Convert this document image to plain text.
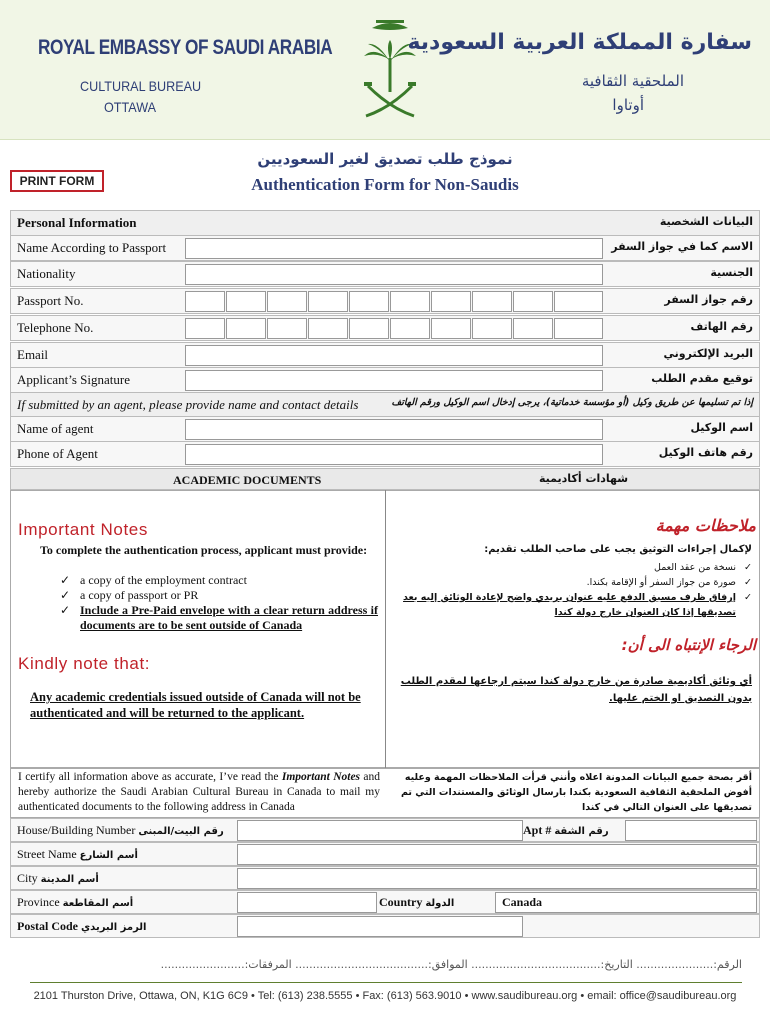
ROYAL EMBASSY OF SAUDI ARABIA
CULTURAL BUREAU
OTTAWA
سفارة المملكة العربية السعودية
الملحقية الثقافية
أوتاوا
PRINT FORM
نموذج طلب تصديق لغير السعوديين
Authentication Form for Non-Saudis
Personal Information	البيانات الشخصية
Name According to Passport	الاسم كما في جواز السفر
Nationality	الجنسية
Passport No.	رقم جواز السفر
Telephone No.	رقم الهاتف
Email	البريد الإلكتروني
Applicant’s Signature	توقيع مقدم الطلب
If submitted by an agent, please provide name and contact details	إذا تم تسليمها عن طريق وكيل (أو مؤسسة خدماتية)، يرجى إدخال اسم الوكيل ورقم الهاتف
Name of agent	اسم الوكيل
Phone of Agent	رقم هاتف الوكيل
ACADEMIC DOCUMENTS	شهادات أكاديمية
Important Notes	ملاحظات مهمة
To complete the authentication process, applicant must provide:
✓ a copy of the employment contract
✓ a copy of passport or PR
✓ Include a Pre-Paid envelope with a clear return address if documents are to be sent outside of Canada
لإكمال إجراءات التوثيق يجب على صاحب الطلب تقديم:
✓ نسخة من عقد العمل
✓ صورة من جواز السفر أو الإقامة بكندا.
✓ إرفاق ظرف مسبق الدفع عليه عنوان بريدي واضح لإعادة الوثائق إليه بعد تصديقها إذا كان العنوان خارج دولة كندا
Kindly note that:
الرجاء الإنتباه الى أن:
Any academic credentials issued outside of Canada will not be authenticated and will be returned to the applicant.
أي وثائق أكاديمية صادرة من خارج دولة كندا سيتم ارجاعها لمقدم الطلب بدون التصديق او الختم عليها.
I certify all information above as accurate, I’ve read the Important Notes and hereby authorize the Saudi Arabian Cultural Bureau in Canada to mail my authenticated documents to the following address in Canada
أقر بصحة جميع البيانات المدونة اعلاه وأنني قرأت الملاحظات المهمة وعليه أفوض الملحقية الثقافية السعودية بكندا بارسال الوثائق والمستندات التي تم تصديقها على العنوان التالي في كندا
House/Building Number رقم البيت/المبنى	Apt # رقم الشقة
Street Name أسم الشارع
City أسم المدينة
Province أسم المقاطعة	Country الدولة	Canada
Postal Code الرمز البريدي
الرقم:...................... التاريخ:..................................... الموافق:...................................... المرفقات:........................
2101 Thurston Drive, Ottawa, ON, K1G 6C9 • Tel: (613) 238.5555 • Fax: (613) 563.9010 • www.saudibureau.org • email: office@saudibureau.org
